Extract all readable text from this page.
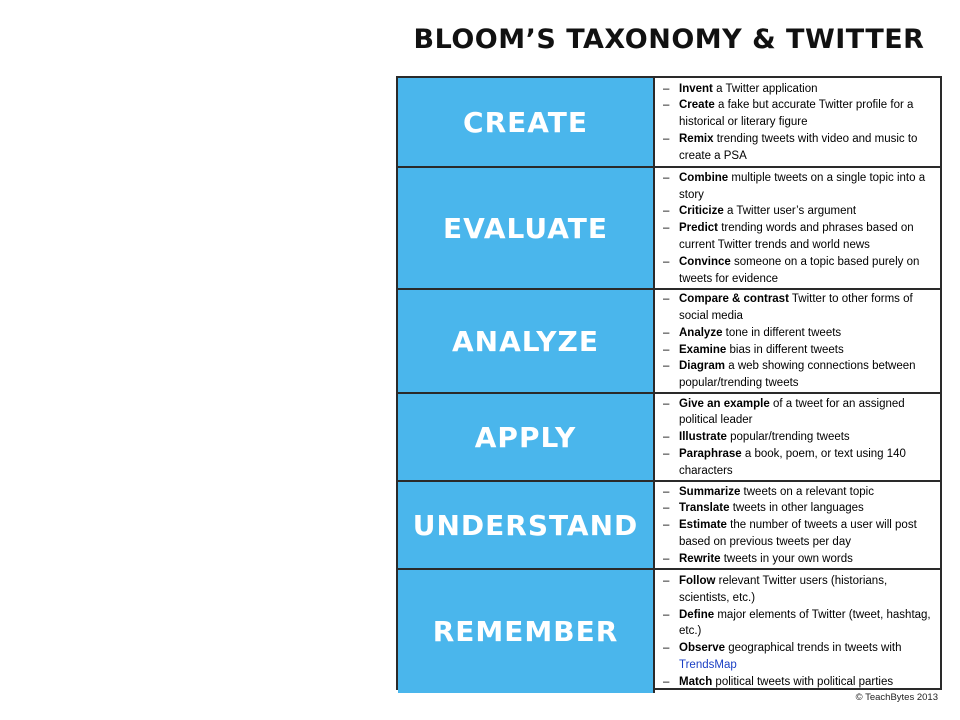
BLOOM’S TAXONOMY & TWITTER
CREATE
– Invent a Twitter application
– Create a fake but accurate Twitter profile for a historical or literary figure
– Remix trending tweets with video and music to create a PSA
EVALUATE
– Combine multiple tweets on a single topic into a story
– Criticize a Twitter user’s argument
– Predict trending words and phrases based on current Twitter trends and world news
– Convince someone on a topic based purely on tweets for evidence
ANALYZE
– Compare & contrast Twitter to other forms of social media
– Analyze tone in different tweets
– Examine bias in different tweets
– Diagram a web showing connections between popular/trending tweets
APPLY
– Give an example of a tweet for an assigned political leader
– Illustrate popular/trending tweets
– Paraphrase a book, poem, or text using 140 characters
UNDERSTAND
– Summarize tweets on a relevant topic
– Translate tweets in other languages
– Estimate the number of tweets a user will post based on previous tweets per day
– Rewrite tweets in your own words
REMEMBER
– Follow relevant Twitter users (historians, scientists, etc.)
– Define major elements of Twitter (tweet, hashtag, etc.)
– Observe geographical trends in tweets with TrendsMap
– Match political tweets with political parties
© TeachBytes 2013
